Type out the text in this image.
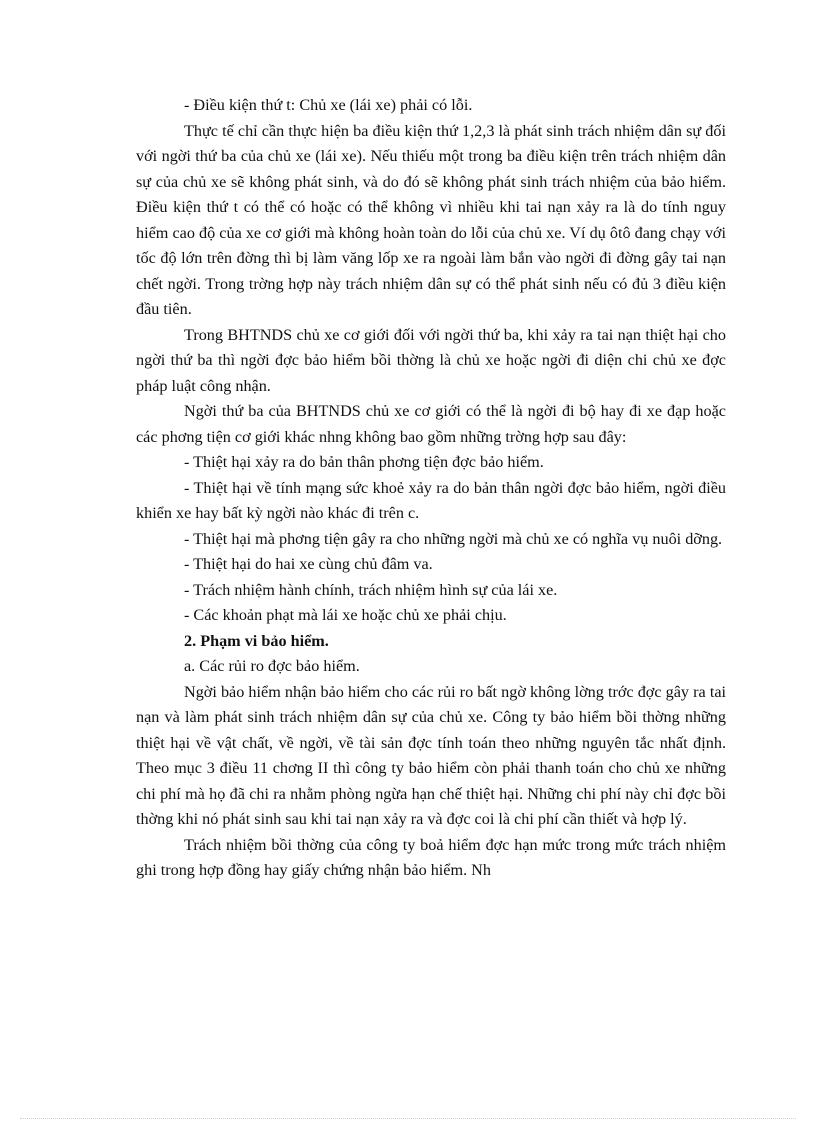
- Điều kiện thứ t: Chủ xe (lái xe) phải có lỗi.

Thực tế chỉ cần thực hiện ba điều kiện thứ 1,2,3 là phát sinh trách nhiệm dân sự đối với ngời thứ ba của chủ xe (lái xe). Nếu thiếu một trong ba điều kiện trên trách nhiệm dân sự của chủ xe sẽ không phát sinh, và do đó sẽ không phát sinh trách nhiệm của bảo hiểm. Điều kiện thứ t có thể có hoặc có thể không vì nhiều khi tai nạn xảy ra là do tính nguy hiểm cao độ của xe cơ giới mà không hoàn toàn do lỗi của chủ xe. Ví dụ ôtô đang chạy với tốc độ lớn trên đờng thì bị làm văng lốp xe ra ngoài làm bắn vào ngời đi đờng gây tai nạn chết ngời. Trong trờng hợp này trách nhiệm dân sự có thể phát sinh nếu có đủ 3 điều kiện đầu tiên.

Trong BHTNDS chủ xe cơ giới đối với ngời thứ ba, khi xảy ra tai nạn thiệt hại cho ngời thứ ba thì ngời đợc bảo hiểm bồi thờng là chủ xe hoặc ngời đi diện chi chủ xe đợc pháp luật công nhận.

Ngời thứ ba của BHTNDS chủ xe cơ giới có thể là ngời đi bộ hay đi xe đạp hoặc các phơng tiện cơ giới khác nhng không bao gồm những trờng hợp sau đây:

- Thiệt hại xảy ra do bản thân phơng tiện đợc bảo hiểm.

- Thiệt hại về tính mạng sức khoẻ xảy ra do bản thân ngời đợc bảo hiểm, ngời điều khiển xe hay bất kỳ ngời nào khác đi trên c.

- Thiệt hại mà phơng tiện gây ra cho những ngời mà chủ xe có nghĩa vụ nuôi dỡng.

- Thiệt hại do hai xe cùng chủ đâm va.

- Trách nhiệm hành chính, trách nhiệm hình sự của lái xe.

- Các khoản phạt mà lái xe hoặc chủ xe phải chịu.

2. Phạm vi bảo hiểm.

a. Các rủi ro đợc bảo hiểm.

Ngời bảo hiểm nhận bảo hiểm cho các rủi ro bất ngờ không lờng trớc đợc gây ra tai nạn và làm phát sinh trách nhiệm dân sự của chủ xe. Công ty bảo hiểm bồi thờng những thiệt hại về vật chất, về ngời, về tài sản đợc tính toán theo những nguyên tắc nhất định. Theo mục 3 điều 11 chơng II thì công ty bảo hiểm còn phải thanh toán cho chủ xe những chi phí mà họ đã chi ra nhằm phòng ngừa hạn chế thiệt hại. Những chi phí này chỉ đợc bồi thờng khi nó phát sinh sau khi tai nạn xảy ra và đợc coi là chi phí cần thiết và hợp lý.

Trách nhiệm bồi thờng của công ty boả hiểm đợc hạn mức trong mức trách nhiệm ghi trong hợp đồng hay giấy chứng nhận bảo hiểm. Nh
